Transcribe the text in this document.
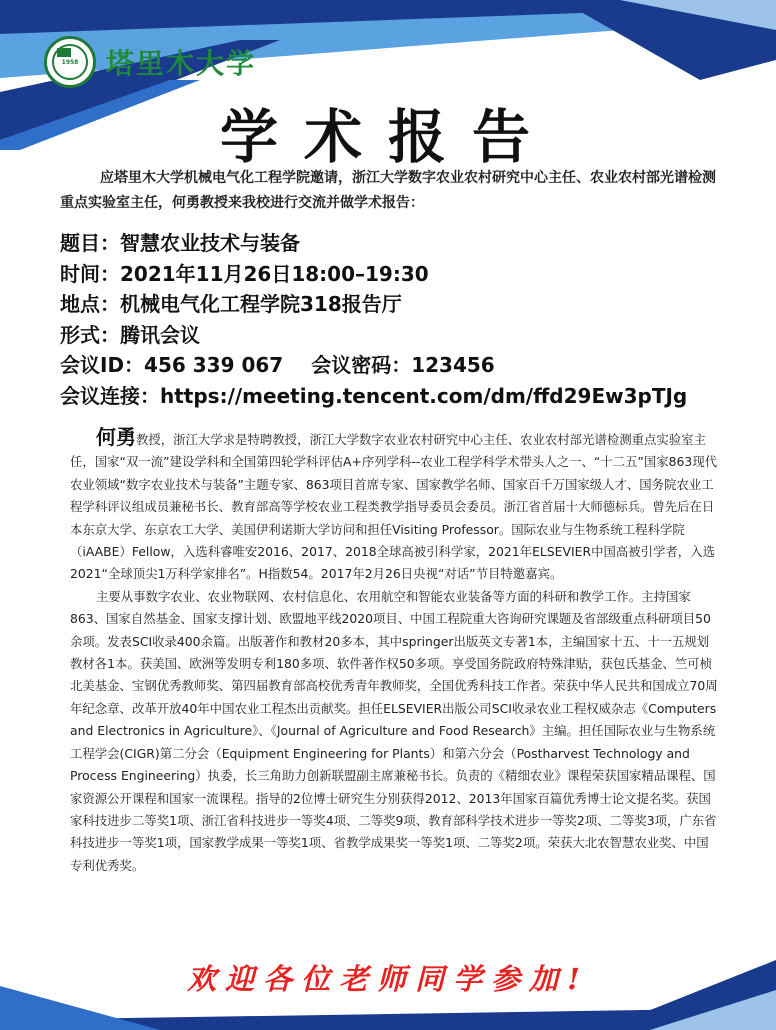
1958 塔里木大学
学术报告
应塔里木大学机械电气化工程学院邀请，浙江大学数字农业农村研究中心主任、农业农村部光谱检测重点实验室主任，何勇教授来我校进行交流并做学术报告：
题目：智慧农业技术与装备
时间：2021年11月26日18:00–19:30
地点：机械电气化工程学院318报告厅
形式：腾讯会议
会议ID：456 339 067 会议密码：123456
会议连接：https://meeting.tencent.com/dm/ffd29Ew3pTJg

何勇教授，浙江大学求是特聘教授，浙江大学数字农业农村研究中心主任、农业农村部光谱检测重点实验室主任，国家“双一流”建设学科和全国第四轮学科评估A+序列学科--农业工程学科学术带头人之一、“十二五”国家863现代农业领域“数字农业技术与装备”主题专家、863项目首席专家、国家教学名师、国家百千万国家级人才、国务院农业工程学科评议组成员兼秘书长、教育部高等学校农业工程类教学指导委员会委员。浙江省首届十大师德标兵。曾先后在日本东京大学、东京农工大学、美国伊利诺斯大学访问和担任Visiting Professor。国际农业与生物系统工程科学院（iAABE）Fellow，入选科睿唯安2016、2017、2018全球高被引科学家，2021年ELSEVIER中国高被引学者，入选2021“全球顶尖1万科学家排名”。H指数54。2017年2月26日央视“对话”节目特邀嘉宾。

主要从事数字农业、农业物联网、农村信息化、农用航空和智能农业装备等方面的科研和教学工作。主持国家863、国家自然基金、国家支撑计划、欧盟地平线2020项目、中国工程院重大咨询研究课题及省部级重点科研项目50余项。发表SCI收录400余篇。出版著作和教材20多本，其中springer出版英文专著1本，主编国家十五、十一五规划教材各1本。获美国、欧洲等发明专利180多项、软件著作权50多项。享受国务院政府特殊津贴，获包氏基金、竺可桢北美基金、宝钢优秀教师奖、第四届教育部高校优秀青年教师奖，全国优秀科技工作者。荣获中华人民共和国成立70周年纪念章、改革开放40年中国农业工程杰出贡献奖。担任ELSEVIER出版公司SCI收录农业工程权威杂志《Computers and Electronics in Agriculture》、《Journal of Agriculture and Food Research》主编。担任国际农业与生物系统工程学会(CIGR)第二分会（Equipment Engineering for Plants）和第六分会（Postharvest Technology and Process Engineering）执委，长三角助力创新联盟副主席兼秘书长。负责的《精细农业》课程荣获国家精品课程、国家资源公开课程和国家一流课程。指导的2位博士研究生分别获得2012、2013年国家百篇优秀博士论文提名奖。获国家科技进步二等奖1项、浙江省科技进步一等奖4项、二等奖9项、教育部科学技术进步一等奖2项、二等奖3项，广东省科技进步一等奖1项，国家教学成果一等奖1项、省教学成果奖一等奖1项、二等奖2项。荣获大北农智慧农业奖、中国专利优秀奖。

欢迎各位老师同学参加!
